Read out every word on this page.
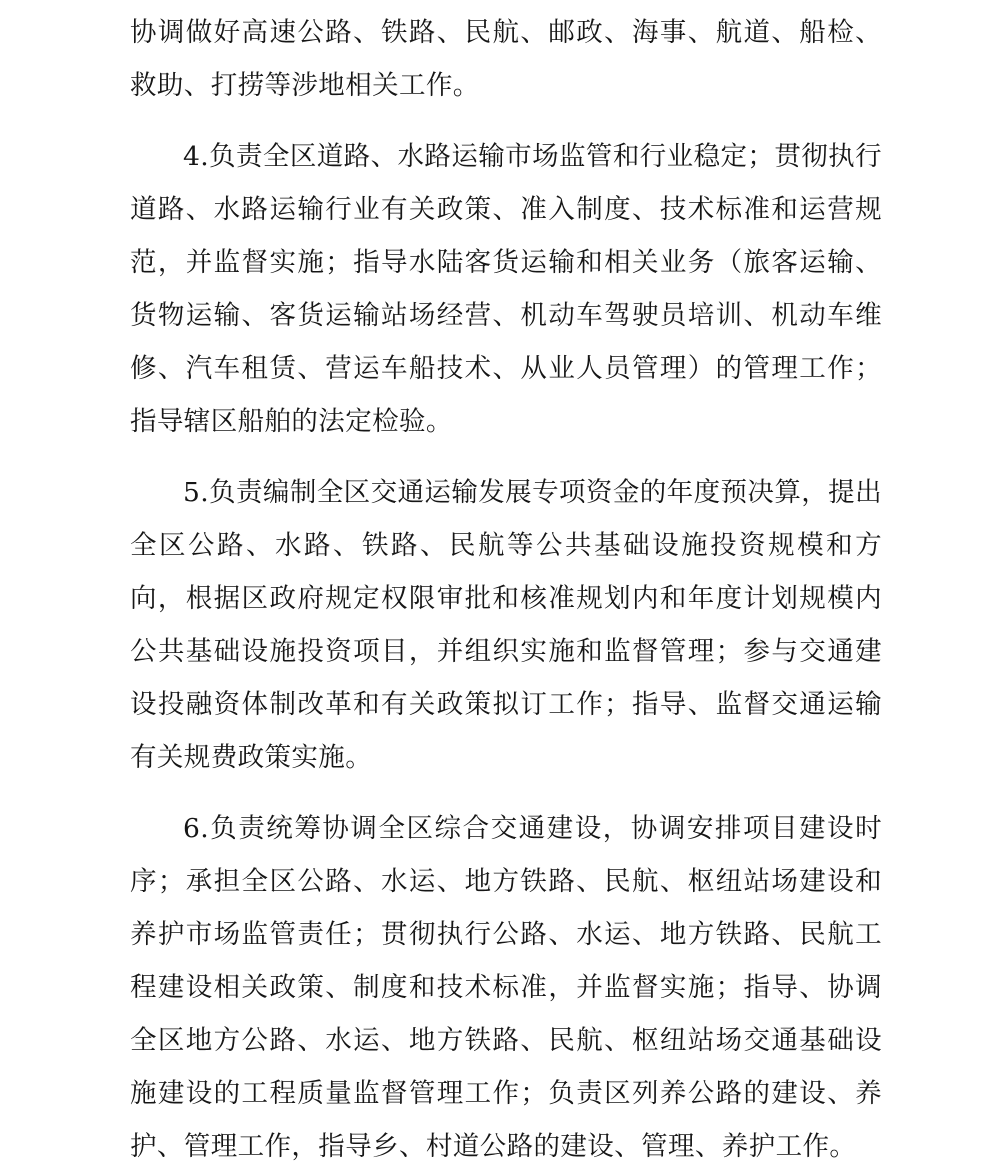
协调做好高速公路、铁路、民航、邮政、海事、航道、船检、救助、打捞等涉地相关工作。

4.负责全区道路、水路运输市场监管和行业稳定；贯彻执行道路、水路运输行业有关政策、准入制度、技术标准和运营规范，并监督实施；指导水陆客货运输和相关业务（旅客运输、货物运输、客货运输站场经营、机动车驾驶员培训、机动车维修、汽车租赁、营运车船技术、从业人员管理）的管理工作；指导辖区船舶的法定检验。

5.负责编制全区交通运输发展专项资金的年度预决算，提出全区公路、水路、铁路、民航等公共基础设施投资规模和方向，根据区政府规定权限审批和核准规划内和年度计划规模内公共基础设施投资项目，并组织实施和监督管理；参与交通建设投融资体制改革和有关政策拟订工作；指导、监督交通运输有关规费政策实施。

6.负责统筹协调全区综合交通建设，协调安排项目建设时序；承担全区公路、水运、地方铁路、民航、枢纽站场建设和养护市场监管责任；贯彻执行公路、水运、地方铁路、民航工程建设相关政策、制度和技术标准，并监督实施；指导、协调全区地方公路、水运、地方铁路、民航、枢纽站场交通基础设施建设的工程质量监督管理工作；负责区列养公路的建设、养护、管理工作，指导乡、村道公路的建设、管理、养护工作。
